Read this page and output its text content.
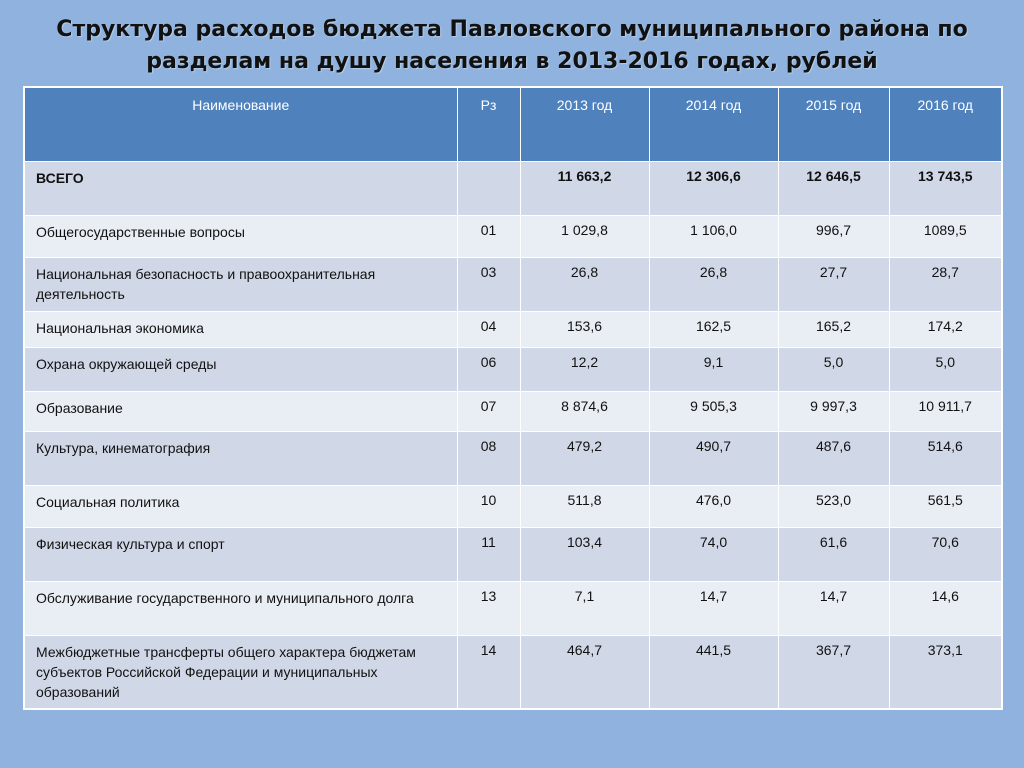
Структура расходов бюджета Павловского муниципального района по
разделам на душу населения в 2013-2016 годах, рублей
Наименование	Рз	2013 год	2014 год	2015 год	2016 год
ВСЕГО		11 663,2	12 306,6	12 646,5	13 743,5
Общегосударственные вопросы	01	1 029,8	1 106,0	996,7	1089,5
Национальная безопасность и правоохранительная деятельность	03	26,8	26,8	27,7	28,7
Национальная экономика	04	153,6	162,5	165,2	174,2
Охрана окружающей среды	06	12,2	9,1	5,0	5,0
Образование	07	8 874,6	9 505,3	9 997,3	10 911,7
Культура, кинематография	08	479,2	490,7	487,6	514,6
Социальная политика	10	511,8	476,0	523,0	561,5
Физическая культура и спорт	11	103,4	74,0	61,6	70,6
Обслуживание государственного и муниципального долга	13	7,1	14,7	14,7	14,6
Межбюджетные трансферты общего характера бюджетам субъектов Российской Федерации и муниципальных образований	14	464,7	441,5	367,7	373,1
